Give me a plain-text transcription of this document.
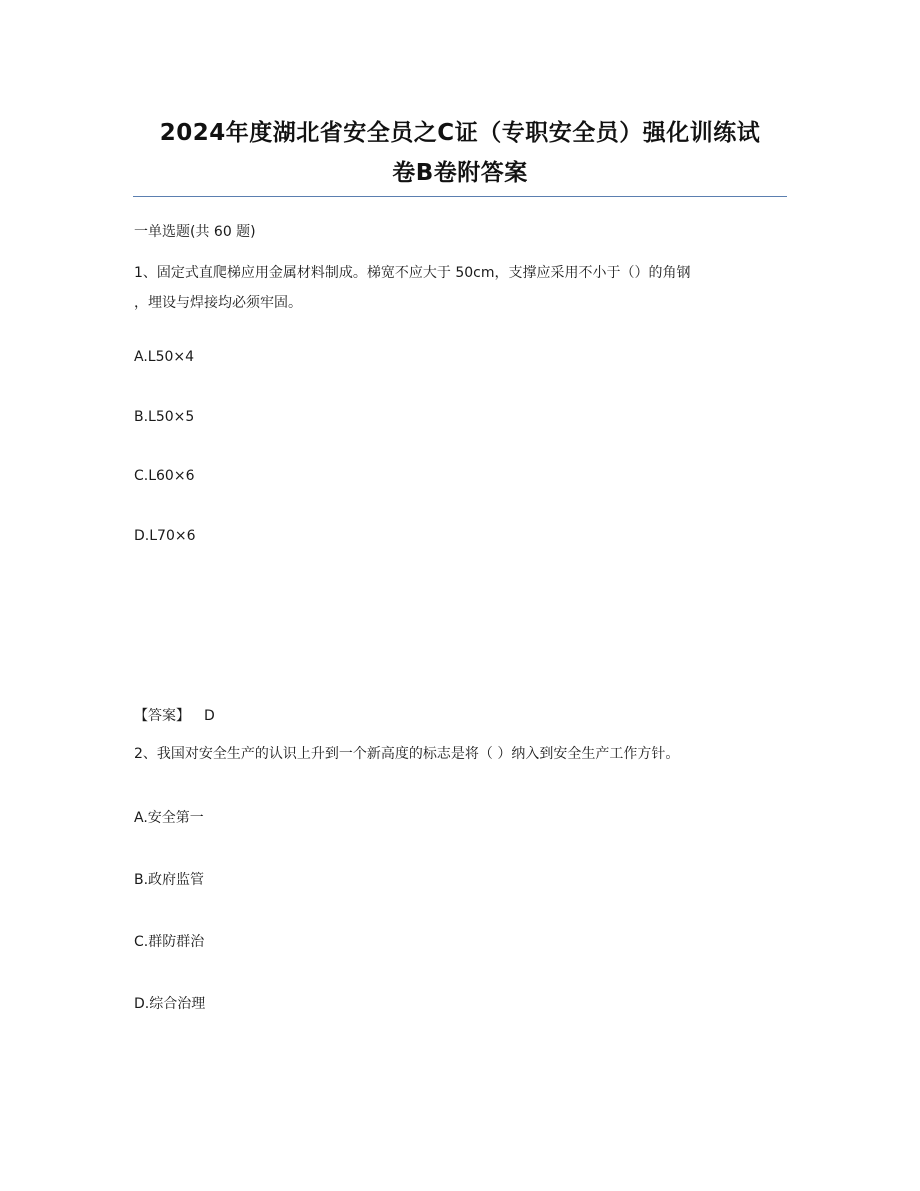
2024年度湖北省安全员之C证（专职安全员）强化训练试
卷B卷附答案
一单选题(共 60 题)
1、固定式直爬梯应用金属材料制成。梯宽不应大于 50cm，支撑应采用不小于（）的角钢
，埋设与焊接均必须牢固。
A.L50×4
B.L50×5
C.L60×6
D.L70×6
【答案】 D
2、我国对安全生产的认识上升到一个新高度的标志是将（ ）纳入到安全生产工作方针。
A.安全第一
B.政府监管
C.群防群治
D.综合治理
